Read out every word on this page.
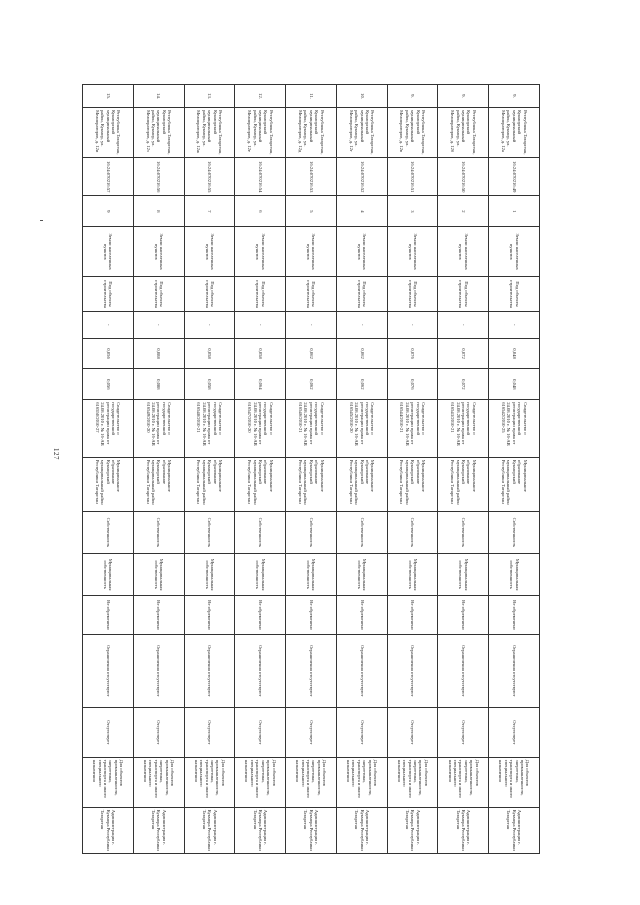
127
9.	Республика Татарстан, Кукморский муниципальный район, Кукмор, ул. Мелиораторов, д. 12а	16:24:070216:49	1	Земли населенных пунктов	Под объекты строительства	-	0,048	0,048	Свидетельство о государственной регистрации права от 24.08.2010 г. № 16-АВ 616542/2010-25	Муниципальное образование Кукморский муниципальный район Республики Татарстан	Собственность	Муниципальная собственность	Не обременено	Ограничения отсутствуют	Отсутствует	Для объектов промышленности, энергетики, транспорта и иного специального назначения	Администрация г. Кукмора Республики Татарстан
9.	Республика Татарстан, Кукморский муниципальный район, Кукмор, ул. Мелиораторов, д. 12б	16:24:070216:50	2	Земли населенных пунктов	Под объекты строительства	-	0,072	0,072	Свидетельство о государственной регистрации права от 24.08.2010 г. № 16-АВ 616543/2010-21	Муниципальное образование Кукморский муниципальный район Республики Татарстан	Собственность	Муниципальная собственность	Не обременено	Ограничения отсутствуют	Отсутствует	Для объектов промышленности, энергетики, транспорта и иного специального назначения	Администрация г. Кукмора Республики Татарстан
9.	Республика Татарстан, Кукморский муниципальный район, Кукмор, ул. Мелиораторов, д. 12в	16:24:070216:51	3	Земли населенных пунктов	Под объекты строительства	-	0,076	0,076	Свидетельство о государственной регистрации права от 24.08.2010 г. № 16-АВ 616544/2010-21	Муниципальное образование Кукморский муниципальный район Республики Татарстан	Собственность	Муниципальная собственность	Не обременено	Ограничения отсутствуют	Отсутствует	Для объектов промышленности, энергетики, транспорта и иного специального назначения	Администрация г. Кукмора Республики Татарстан
10.	Республика Татарстан, Кукморский муниципальный район, Кукмор, ул. Мелиораторов, д. 12г	16:24:070216:52	4	Земли населенных пунктов	Под объекты строительства	-	0,062	0,062	Свидетельство о государственной регистрации права от 24.08.2010 г. № 16-АВ 616545/2010-20	Муниципальное образование Кукморский муниципальный район Республики Татарстан	Собственность	Муниципальная собственность	Не обременено	Ограничения отсутствуют	Отсутствует	Для объектов промышленности, энергетики, транспорта и иного специального назначения	Администрация г. Кукмора Республики Татарстан
11.	Республика Татарстан, Кукморский муниципальный район, Кукмор, ул. Мелиораторов, д. 12д	16:24:070216:53	5	Земли населенных пунктов	Под объекты строительства	-	0,062	0,062	Свидетельство о государственной регистрации права от 24.08.2010 г. № 16-АВ 616546/2010-21	Муниципальное образование Кукморский муниципальный район Республики Татарстан	Собственность	Муниципальная собственность	Не обременено	Ограничения отсутствуют	Отсутствует	Для объектов промышленности, энергетики, транспорта и иного специального назначения	Администрация г. Кукмора Республики Татарстан
12.	Республика Татарстан, Кукморский муниципальный район, Кукмор, ул. Мелиораторов, д. 12е	16:24:070216:54	6	Земли населенных пунктов	Под объекты строительства	-	0,058	0,064	Свидетельство о государственной регистрации права от 24.08.2010 г. № 16-АВ 616547/2010-20	Муниципальное образование Кукморский муниципальный район Республики Татарстан	Собственность	Муниципальная собственность	Не обременено	Ограничения отсутствуют	Отсутствует	Для объектов промышленности, энергетики, транспорта и иного специального назначения	Администрация г. Кукмора Республики Татарстан
13.	Республика Татарстан, Кукморский муниципальный район, Кукмор, ул. Мелиораторов, д. 12ж	16:24:070216:55	7	Земли населенных пунктов	Под объекты строительства	-	0,058	0,058	Свидетельство о государственной регистрации права от 24.08.2010 г. № 16-АВ 616548/2010-21	Муниципальное образование Кукморский муниципальный район Республики Татарстан	Собственность	Муниципальная собственность	Не обременено	Ограничения отсутствуют	Отсутствует	Для объектов промышленности, энергетики, транспорта и иного специального назначения	Администрация г. Кукмора Республики Татарстан
14.	Республика Татарстан, Кукморский муниципальный район, Кукмор, ул. Мелиораторов, д. 12з	16:24:070216:56	8	Земли населенных пунктов	Под объекты строительства	-	0,088	0,088	Свидетельство о государственной регистрации права от 24.08.2010 г. № 16-АВ 616549/2010-20	Муниципальное образование Кукморский муниципальный район Республики Татарстан	Собственность	Муниципальная собственность	Не обременено	Ограничения отсутствуют	Отсутствует	Для объектов промышленности, энергетики, транспорта и иного специального назначения	Администрация г. Кукмора Республики Татарстан
15.	Республика Татарстан, Кукморский муниципальный район, Кукмор, ул. Мелиораторов, д. 12и	16:24:070216:57	9	Земли населенных пунктов	Под объекты строительства	-	0,056	0,056	Свидетельство о государственной регистрации права от 24.08.2010 г. № 16-АВ 616550/2010-27	Муниципальное образование Кукморский муниципальный район Республики Татарстан	Собственность	Муниципальная собственность	Не обременено	Ограничения отсутствуют	Отсутствует	Для объектов промышленности, энергетики, транспорта и иного специального назначения	Администрация г. Кукмора Республики Татарстан
